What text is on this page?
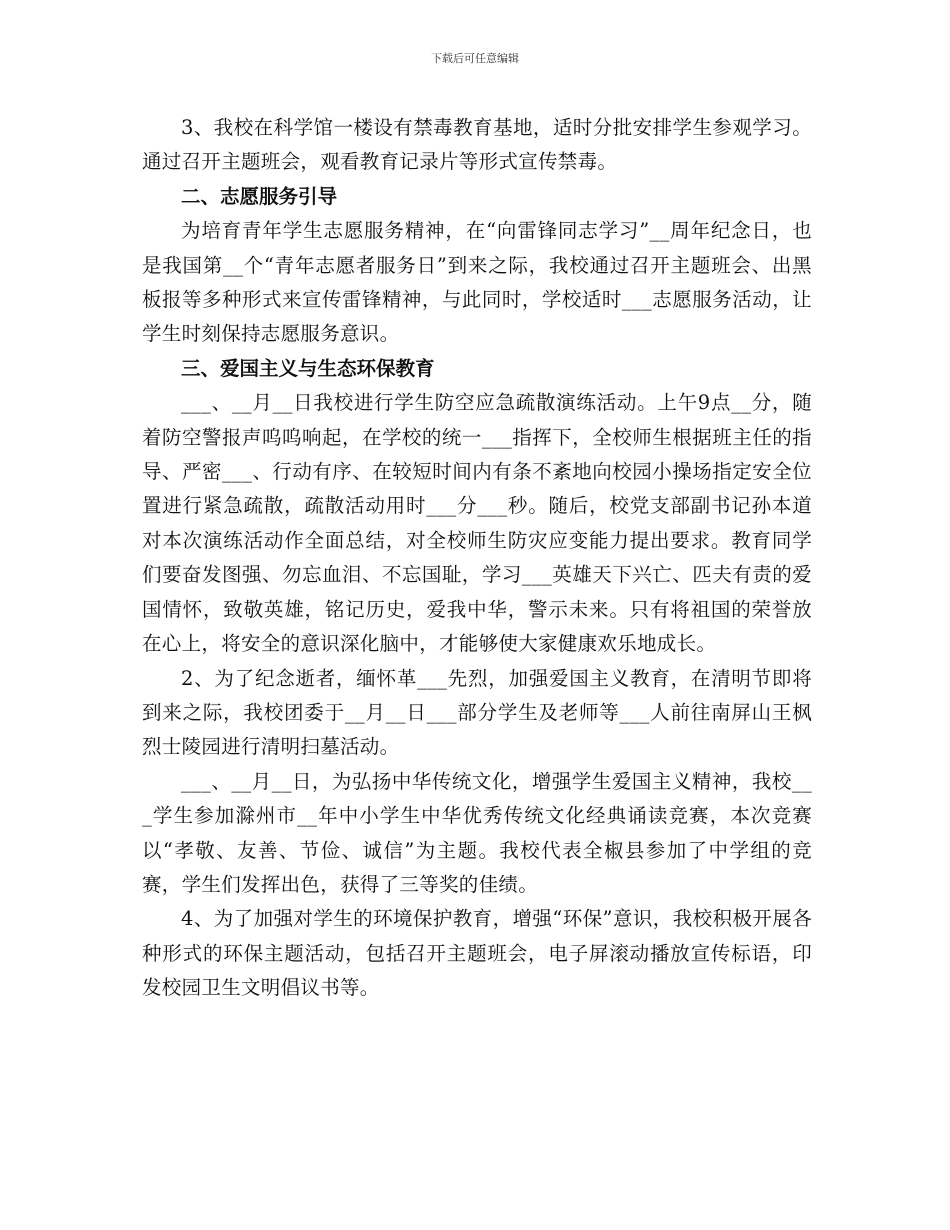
下载后可任意编辑

3、我校在科学馆一楼设有禁毒教育基地，适时分批安排学生参观学习。通过召开主题班会，观看教育记录片等形式宣传禁毒。

二、志愿服务引导

为培育青年学生志愿服务精神，在“向雷锋同志学习”__周年纪念日，也是我国第__个“青年志愿者服务日”到来之际，我校通过召开主题班会、出黑板报等多种形式来宣传雷锋精神，与此同时，学校适时___志愿服务活动，让学生时刻保持志愿服务意识。

三、爱国主义与生态环保教育

___、__月__日我校进行学生防空应急疏散演练活动。上午9点__分，随着防空警报声呜呜响起，在学校的统一___指挥下，全校师生根据班主任的指导、严密___、行动有序、在较短时间内有条不紊地向校园小操场指定安全位置进行紧急疏散，疏散活动用时___分___秒。随后，校党支部副书记孙本道对本次演练活动作全面总结，对全校师生防灾应变能力提出要求。教育同学们要奋发图强、勿忘血泪、不忘国耻，学习___英雄天下兴亡、匹夫有责的爱国情怀，致敬英雄，铭记历史，爱我中华，警示未来。只有将祖国的荣誉放在心上，将安全的意识深化脑中，才能够使大家健康欢乐地成长。

2、为了纪念逝者，缅怀革___先烈，加强爱国主义教育，在清明节即将到来之际，我校团委于__月__日___部分学生及老师等___人前往南屏山王枫烈士陵园进行清明扫墓活动。

___、__月__日，为弘扬中华传统文化，增强学生爱国主义精神，我校___学生参加滁州市__年中小学生中华优秀传统文化经典诵读竞赛，本次竞赛以“孝敬、友善、节俭、诚信”为主题。我校代表全椒县参加了中学组的竞赛，学生们发挥出色，获得了三等奖的佳绩。

4、为了加强对学生的环境保护教育，增强“环保”意识，我校积极开展各种形式的环保主题活动，包括召开主题班会，电子屏滚动播放宣传标语，印发校园卫生文明倡议书等。
